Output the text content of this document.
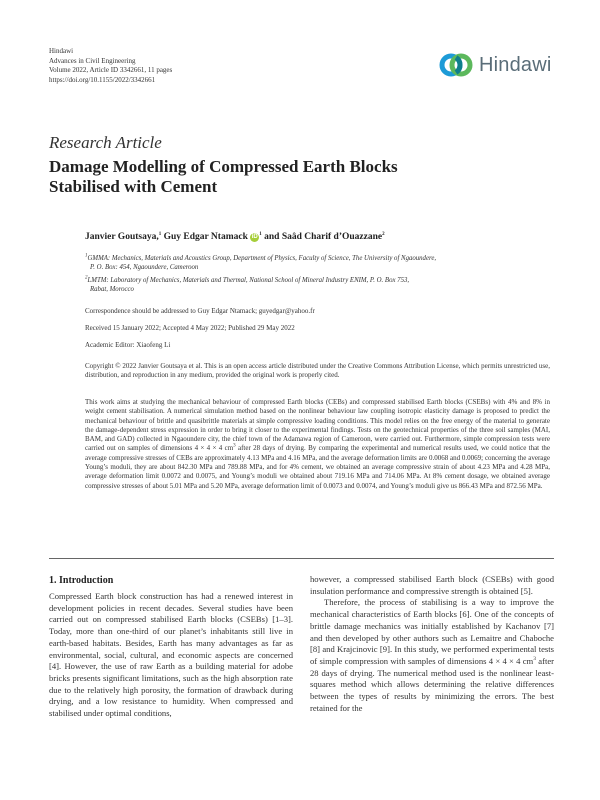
Hindawi
Advances in Civil Engineering
Volume 2022, Article ID 3342661, 11 pages
https://doi.org/10.1155/2022/3342661
Hindawi
Research Article
Damage Modelling of Compressed Earth Blocks
Stabilised with Cement
Janvier Goutsaya,$^1$ Guy Edgar Ntamack iD $^1$ and Saâd Charif d’Ouazzane$^2$
$^1$GMMA: Mechanics, Materials and Acoustics Group, Department of Physics, Faculty of Science, The University of Ngaoundere,
P. O. Box: 454, Ngaoundere, Cameroon
$^2$LMTM: Laboratory of Mechanics, Materials and Thermal, National School of Mineral Industry ENIM, P. O. Box 753,
Rabat, Morocco
Correspondence should be addressed to Guy Edgar Ntamack; guyedgar@yahoo.fr
Received 15 January 2022; Accepted 4 May 2022; Published 29 May 2022
Academic Editor: Xiaofeng Li
Copyright © 2022 Janvier Goutsaya et al. This is an open access article distributed under the Creative Commons Attribution License, which permits unrestricted use, distribution, and reproduction in any medium, provided the original work is properly cited.
This work aims at studying the mechanical behaviour of compressed Earth blocks (CEBs) and compressed stabilised Earth blocks (CSEBs) with 4% and 8% in weight cement stabilisation. A numerical simulation method based on the nonlinear behaviour law coupling isotropic elasticity damage is proposed to predict the mechanical behaviour of brittle and quasibrittle materials at simple compressive loading conditions. This model relies on the free energy of the material to generate the damage-dependent stress expression in order to bring it closer to the experimental findings. Tests on the geotechnical properties of the three soil samples (MAI, BAM, and GAD) collected in Ngaoundere city, the chief town of the Adamawa region of Cameroon, were carried out. Furthermore, simple compression tests were carried out on samples of dimensions 4 × 4 × 4 $cm^3$ after 28 days of drying. By comparing the experimental and numerical results used, we could notice that the average compressive stresses of CEBs are approximately 4.13 MPa and 4.16 MPa, and the average deformation limits are 0.0068 and 0.0069; concerning the average Young’s moduli, they are about 842.30 MPa and 789.88 MPa, and for 4% cement, we obtained an average compressive strain of about 4.23 MPa and 4.28 MPa, average deformation limit 0.0072 and 0.0075, and Young’s moduli we obtained about 719.16 MPa and 714.06 MPa. At 8% cement dosage, we obtained average compressive stresses of about 5.01 MPa and 5.20 MPa, average deformation limit of 0.0073 and 0.0074, and Young’s moduli give us 866.43 MPa and 872.56 MPa.
1. Introduction

Compressed Earth block construction has had a renewed interest in development policies in recent decades. Several studies have been carried out on compressed stabilised Earth blocks (CSEBs) [1–3]. Today, more than one-third of our planet’s inhabitants still live in earth-based habitats. Besides, Earth has many advantages as far as environmental, social, cultural, and economic aspects are concerned [4]. However, the use of raw Earth as a building material for adobe bricks presents significant limitations, such as the high absorption rate due to the relatively high porosity, the formation of drawback during drying, and a low resistance to humidity. When compressed and stabilised under optimal conditions,

however, a compressed stabilised Earth block (CSEBs) with good insulation performance and compressive strength is obtained [5].

Therefore, the process of stabilising is a way to improve the mechanical characteristics of Earth blocks [6]. One of the concepts of brittle damage mechanics was initially established by Kachanov [7] and then developed by other authors such as Lemaitre and Chaboche [8] and Krajcinovic [9]. In this study, we performed experimental tests of simple compression with samples of dimensions 4 × 4 × 4 $cm^3$ after 28 days of drying. The numerical method used is the nonlinear least-squares method which allows determining the relative differences between the types of results by minimizing the errors. The best retained for the
